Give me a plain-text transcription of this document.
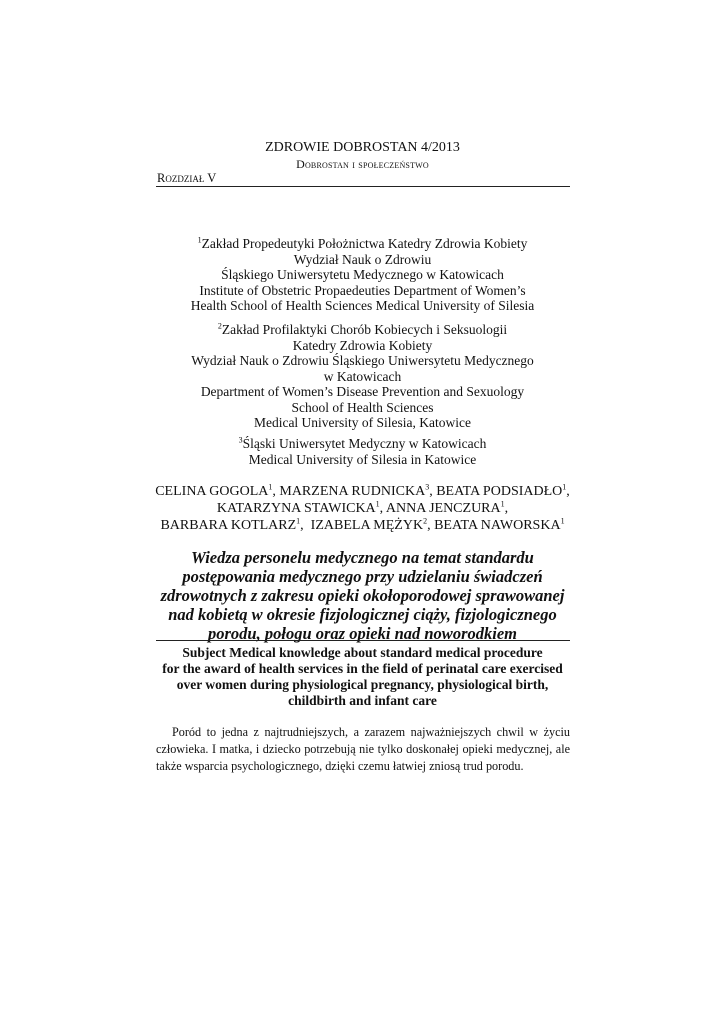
ZDROWIE DOBROSTAN 4/2013
Dobrostan i społeczeństwo
Rozdział V
$^1$Zakład Propedeutyki Położnictwa Katedry Zdrowia Kobiety
Wydział Nauk o Zdrowiu
Śląskiego Uniwersytetu Medycznego w Katowicach
Institute of Obstetric Propaedeuties Department of Women’s
Health School of Health Sciences Medical University of Silesia
$^2$Zakład Profilaktyki Chorób Kobiecych i Seksuologii
Katedry Zdrowia Kobiety
Wydział Nauk o Zdrowiu Śląskiego Uniwersytetu Medycznego
w Katowicach
Department of Women’s Disease Prevention and Sexuology
School of Health Sciences
Medical University of Silesia, Katowice
$^3$Śląski Uniwersytet Medyczny w Katowicach
Medical University of Silesia in Katowice
CELINA GOGOLA$^1$, MARZENA RUDNICKA$^3$, BEATA PODSIADŁO$^1$,
KATARZYNA STAWICKA$^1$, ANNA JENCZURA$^1$,
BARBARA KOTLARZ$^1$,  IZABELA MĘŻYK$^2$, BEATA NAWORSKA$^1$
Wiedza personelu medycznego na temat standardu
postępowania medycznego przy udzielaniu świadczeń
zdrowotnych z zakresu opieki okołoporodowej sprawowanej
nad kobietą w okresie fizjologicznej ciąży, fizjologicznego
porodu, połogu oraz opieki nad noworodkiem
Subject Medical knowledge about standard medical procedure
for the award of health services in the field of perinatal care exercised
over women during physiological pregnancy, physiological birth,
childbirth and infant care
Poród to jedna z najtrudniejszych, a zarazem najważniejszych chwil w życiu człowieka. I matka, i dziecko potrzebują nie tylko doskonałej opieki medycznej, ale także wsparcia psychologicznego, dzięki czemu łatwiej zniosą trud porodu.
